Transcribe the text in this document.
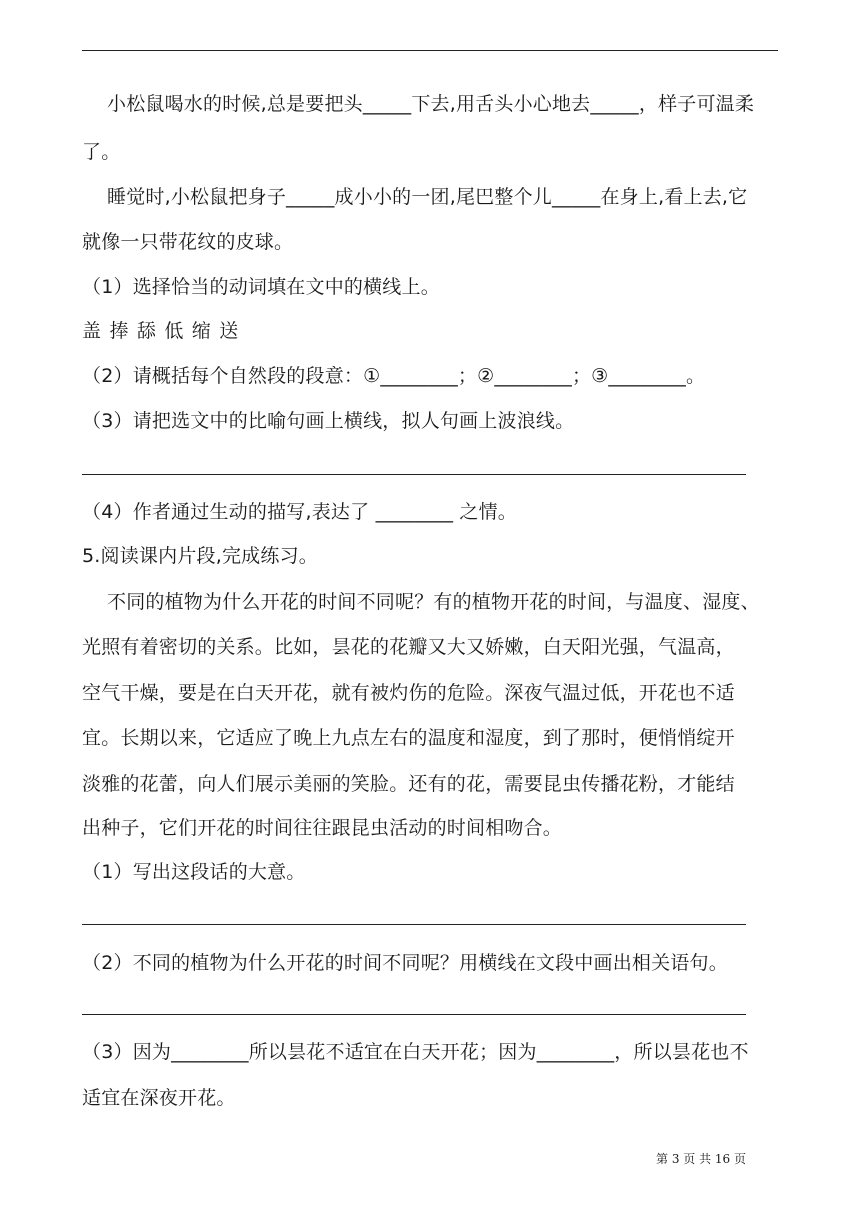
小松鼠喝水的时候,总是要把头_____下去,用舌头小心地去_____，样子可温柔
了。
睡觉时,小松鼠把身子_____成小小的一团,尾巴整个儿_____在身上,看上去,它
就像一只带花纹的皮球。
（1）选择恰当的动词填在文中的横线上。
盖 捧 舔 低 缩 送
（2）请概括每个自然段的段意：①________；②________；③________。
（3）请把选文中的比喻句画上横线，拟人句画上波浪线。
（4）作者通过生动的描写,表达了 ________ 之情。
5.阅读课内片段,完成练习。
不同的植物为什么开花的时间不同呢？有的植物开花的时间，与温度、湿度、
光照有着密切的关系。比如，昙花的花瓣又大又娇嫩，白天阳光强，气温高，
空气干燥，要是在白天开花，就有被灼伤的危险。深夜气温过低，开花也不适
宜。长期以来，它适应了晚上九点左右的温度和湿度，到了那时，便悄悄绽开
淡雅的花蕾，向人们展示美丽的笑脸。还有的花，需要昆虫传播花粉，才能结
出种子，它们开花的时间往往跟昆虫活动的时间相吻合。
（1）写出这段话的大意。
（2）不同的植物为什么开花的时间不同呢？用横线在文段中画出相关语句。
（3）因为________所以昙花不适宜在白天开花；因为________，所以昙花也不
适宜在深夜开花。
第 3 页 共 16 页
